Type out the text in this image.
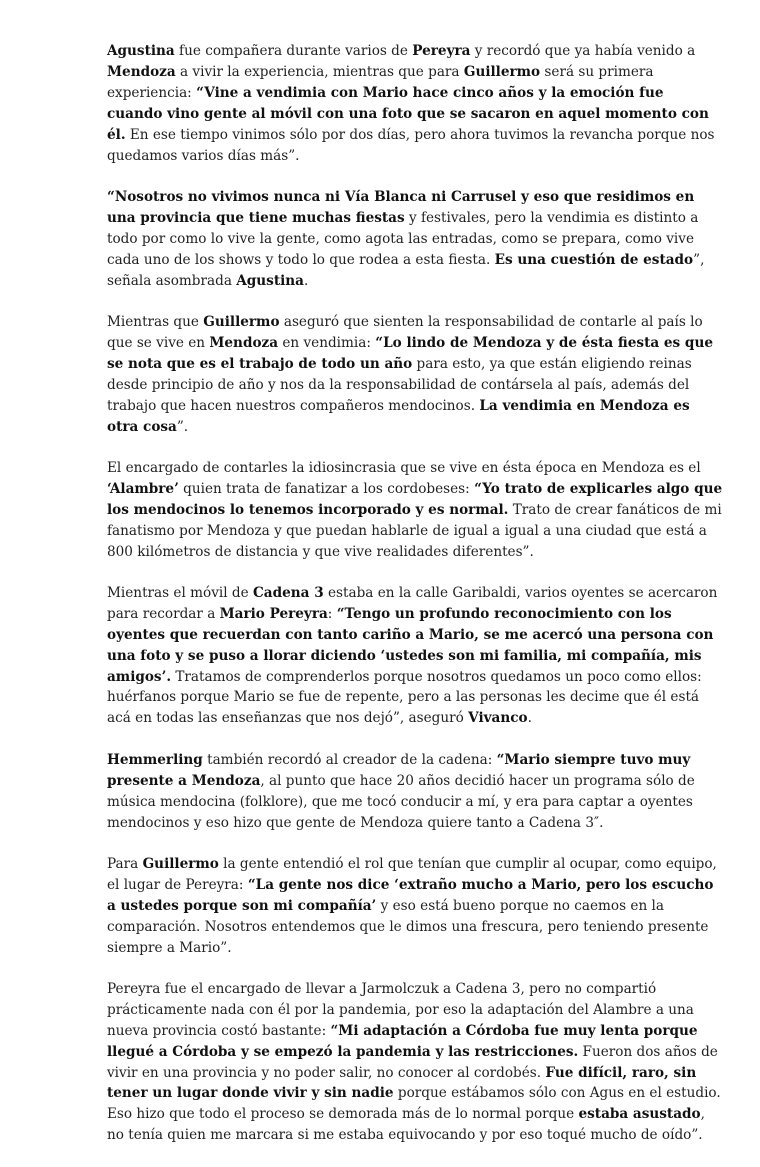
Agustina fue compañera durante varios de Pereyra y recordó que ya había venido a Mendoza a vivir la experiencia, mientras que para Guillermo será su primera experiencia: “Vine a vendimia con Mario hace cinco años y la emoción fue cuando vino gente al móvil con una foto que se sacaron en aquel momento con él. En ese tiempo vinimos sólo por dos días, pero ahora tuvimos la revancha porque nos quedamos varios días más”.

“Nosotros no vivimos nunca ni Vía Blanca ni Carrusel y eso que residimos en una provincia que tiene muchas fiestas y festivales, pero la vendimia es distinto a todo por como lo vive la gente, como agota las entradas, como se prepara, como vive cada uno de los shows y todo lo que rodea a esta fiesta. Es una cuestión de estado”, señala asombrada Agustina.

Mientras que Guillermo aseguró que sienten la responsabilidad de contarle al país lo que se vive en Mendoza en vendimia: “Lo lindo de Mendoza y de ésta fiesta es que se nota que es el trabajo de todo un año para esto, ya que están eligiendo reinas desde principio de año y nos da la responsabilidad de contársela al país, además del trabajo que hacen nuestros compañeros mendocinos. La vendimia en Mendoza es otra cosa”.

El encargado de contarles la idiosincrasia que se vive en ésta época en Mendoza es el ‘Alambre’ quien trata de fanatizar a los cordobeses: “Yo trato de explicarles algo que los mendocinos lo tenemos incorporado y es normal. Trato de crear fanáticos de mi fanatismo por Mendoza y que puedan hablarle de igual a igual a una ciudad que está a 800 kilómetros de distancia y que vive realidades diferentes”.

Mientras el móvil de Cadena 3 estaba en la calle Garibaldi, varios oyentes se acercaron para recordar a Mario Pereyra: “Tengo un profundo reconocimiento con los oyentes que recuerdan con tanto cariño a Mario, se me acercó una persona con una foto y se puso a llorar diciendo ‘ustedes son mi familia, mi compañía, mis amigos’. Tratamos de comprenderlos porque nosotros quedamos un poco como ellos: huérfanos porque Mario se fue de repente, pero a las personas les decime que él está acá en todas las enseñanzas que nos dejó”, aseguró Vivanco.

Hemmerling también recordó al creador de la cadena: “Mario siempre tuvo muy presente a Mendoza, al punto que hace 20 años decidió hacer un programa sólo de música mendocina (folklore), que me tocó conducir a mí, y era para captar a oyentes mendocinos y eso hizo que gente de Mendoza quiere tanto a Cadena 3″.

Para Guillermo la gente entendió el rol que tenían que cumplir al ocupar, como equipo, el lugar de Pereyra: “La gente nos dice ‘extraño mucho a Mario, pero los escucho a ustedes porque son mi compañía’ y eso está bueno porque no caemos en la comparación. Nosotros entendemos que le dimos una frescura, pero teniendo presente siempre a Mario”.

Pereyra fue el encargado de llevar a Jarmolczuk a Cadena 3, pero no compartió prácticamente nada con él por la pandemia, por eso la adaptación del Alambre a una nueva provincia costó bastante: “Mi adaptación a Córdoba fue muy lenta porque llegué a Córdoba y se empezó la pandemia y las restricciones. Fueron dos años de vivir en una provincia y no poder salir, no conocer al cordobés. Fue difícil, raro, sin tener un lugar donde vivir y sin nadie porque estábamos sólo con Agus en el estudio. Eso hizo que todo el proceso se demorada más de lo normal porque estaba asustado, no tenía quien me marcara si me estaba equivocando y por eso toqué mucho de oído”.
